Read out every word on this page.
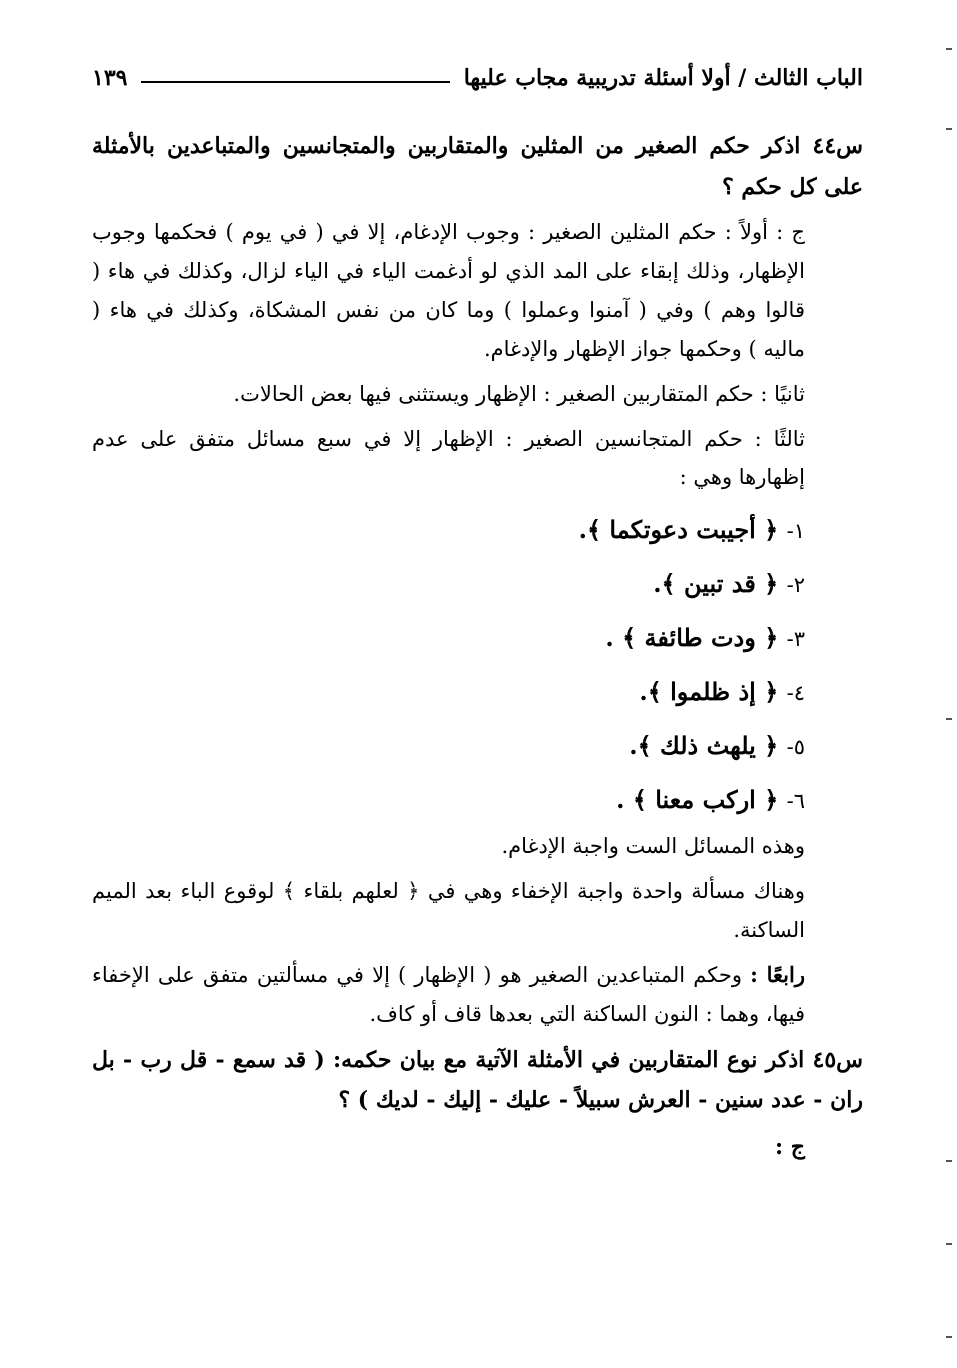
الباب الثالث / أولا أسئلة تدريبية مجاب عليها
١٣٩

س٤٤ اذكر حكم الصغير من المثلين والمتقاربين والمتجانسين والمتباعدين بالأمثلة على كل حكم ؟

ج : أولاً : حكم المثلين الصغير : وجوب الإدغام، إلا في ( في يوم ) فحكمها وجوب الإظهار، وذلك إبقاء على المد الذي لو أدغمت الياء في الياء لزال، وكذلك في هاء ( قالوا وهم ) وفي ( آمنوا وعملوا ) وما كان من نفس المشكاة، وكذلك في هاء ( ماليه ) وحكمها جواز الإظهار والإدغام.

ثانيًا : حكم المتقاربين الصغير : الإظهار ويستثنى فيها بعض الحالات.

ثالثًا : حكم المتجانسين الصغير : الإظهار إلا في سبع مسائل متفق على عدم إظهارها وهي :

١- ﴿ أجيبت دعوتكما ﴾.
٢- ﴿ قد تبين ﴾.
٣- ﴿ ودت طائفة ﴾ .
٤- ﴿ إذ ظلموا ﴾.
٥- ﴿ يلهث ذلك ﴾.
٦- ﴿ اركب معنا ﴾ .

وهذه المسائل الست واجبة الإدغام.

وهناك مسألة واحدة واجبة الإخفاء وهي في ﴿ لعلهم بلقاء ﴾ لوقوع الباء بعد الميم الساكنة.

رابعًا : وحكم المتباعدين الصغير هو ( الإظهار ) إلا في مسألتين متفق على الإخفاء فيها، وهما : النون الساكنة التي بعدها قاف أو كاف.

س٤٥ اذكر نوع المتقاربين في الأمثلة الآتية مع بيان حكمه: ( قد سمع - قل رب - بل ران - عدد سنين - العرش سبيلاً - عليك - إليك - لديك ) ؟

ج :
